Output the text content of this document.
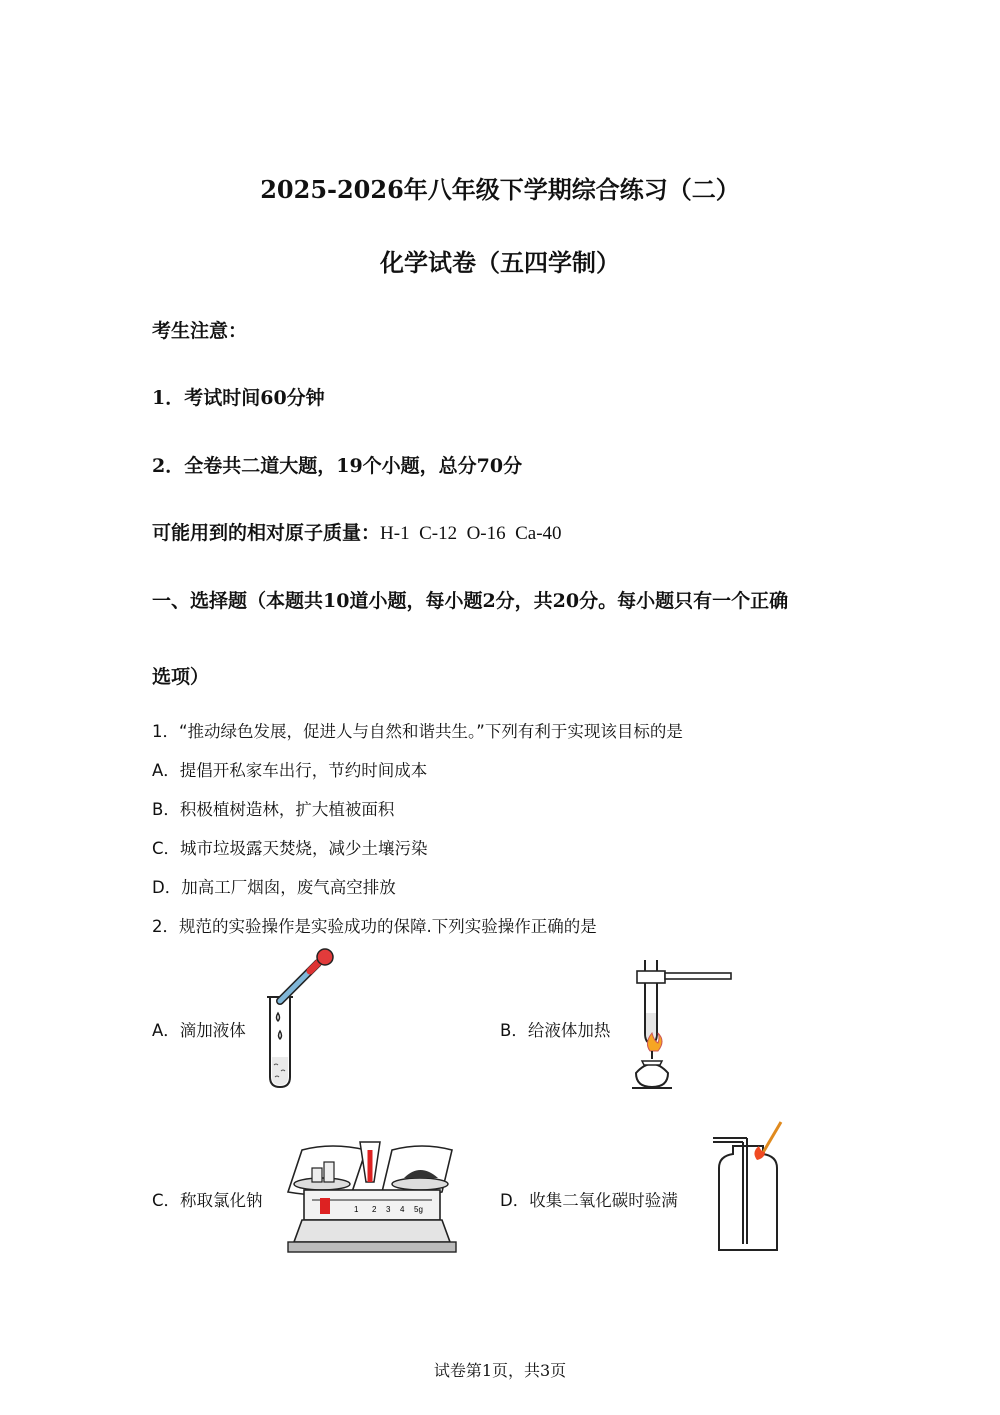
2025-2026年八年级下学期综合练习（二）
化学试卷（五四学制）
考生注意：
1．考试时间60分钟
2．全卷共二道大题，19个小题，总分70分
可能用到的相对原子质量：H-1  C-12  O-16  Ca-40
一、选择题（本题共10道小题，每小题2分，共20分。每小题只有一个正确
选项）
1．“推动绿色发展，促进人与自然和谐共生。”下列有利于实现该目标的是
A．提倡开私家车出行，节约时间成本
B．积极植树造林，扩大植被面积
C．城市垃圾露天焚烧，减少土壤污染
D．加高工厂烟囱，废气高空排放
2．规范的实验操作是实验成功的保障.下列实验操作正确的是
A．滴加液体	B．给液体加热
C．称取氯化钠	D．收集二氧化碳时验满
1 2 3 4 5g
试卷第1页，共3页
